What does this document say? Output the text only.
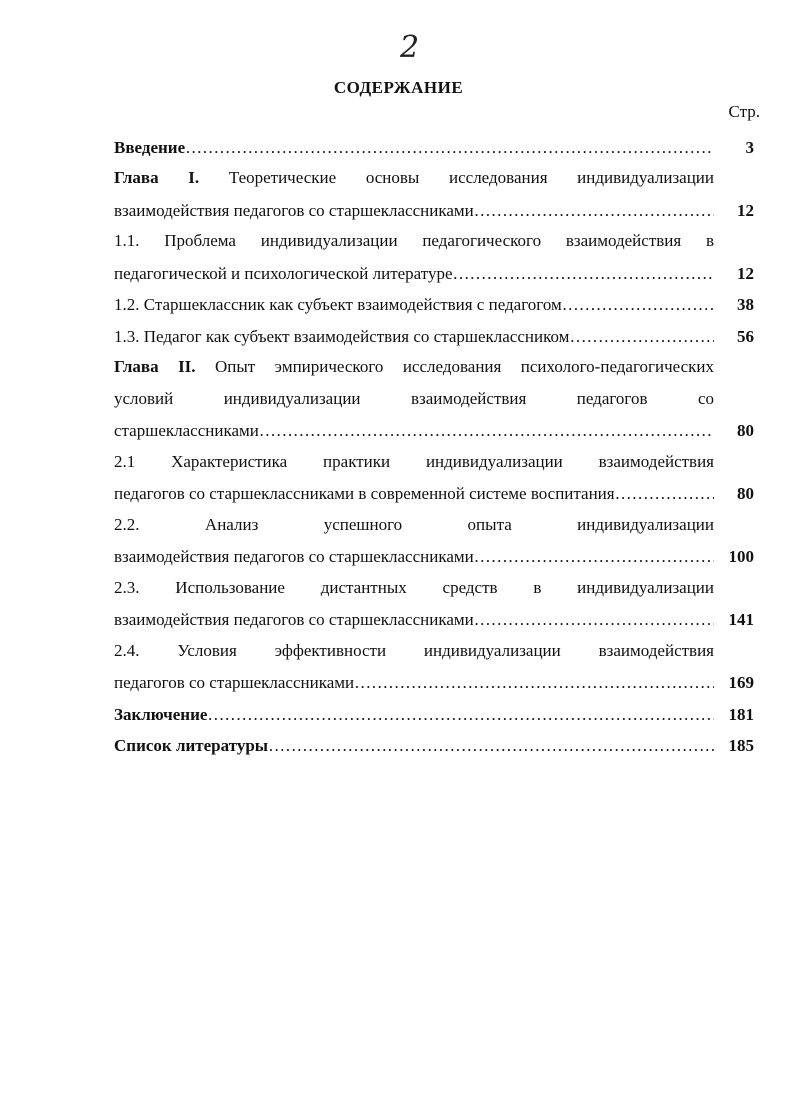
2
СОДЕРЖАНИЕ
Стр.
Введение ……………………………………………………………………………………………………………	3
Глава I. Теоретические основы исследования индивидуализации
взаимодействия педагогов со старшеклассниками ……………………………………………………………………………………………………………	12
1.1. Проблема индивидуализации педагогического взаимодействия в
педагогической и психологической литературе ……………………………………………………………………………………………………………	12
1.2. Старшеклассник как субъект взаимодействия с педагогом ……………………………………………………………………………………………………………	38
1.3. Педагог как субъект взаимодействия со старшеклассником ……………………………………………………………………………………………………………	56
Глава II. Опыт эмпирического исследования психолого-педагогических
условий индивидуализации взаимодействия педагогов со
старшеклассниками ……………………………………………………………………………………………………………	80
2.1 Характеристика практики индивидуализации взаимодействия
педагогов со старшеклассниками в современной системе воспитания ……………………………………………………………………………………………………………	80
2.2. Анализ успешного опыта индивидуализации
взаимодействия педагогов со старшеклассниками ……………………………………………………………………………………………………………	100
2.3. Использование дистантных средств в индивидуализации
взаимодействия педагогов со старшеклассниками ……………………………………………………………………………………………………………	141
2.4. Условия эффективности индивидуализации взаимодействия
педагогов со старшеклассниками ……………………………………………………………………………………………………………	169
Заключение ……………………………………………………………………………………………………………	181
Список литературы ……………………………………………………………………………………………………………	185
